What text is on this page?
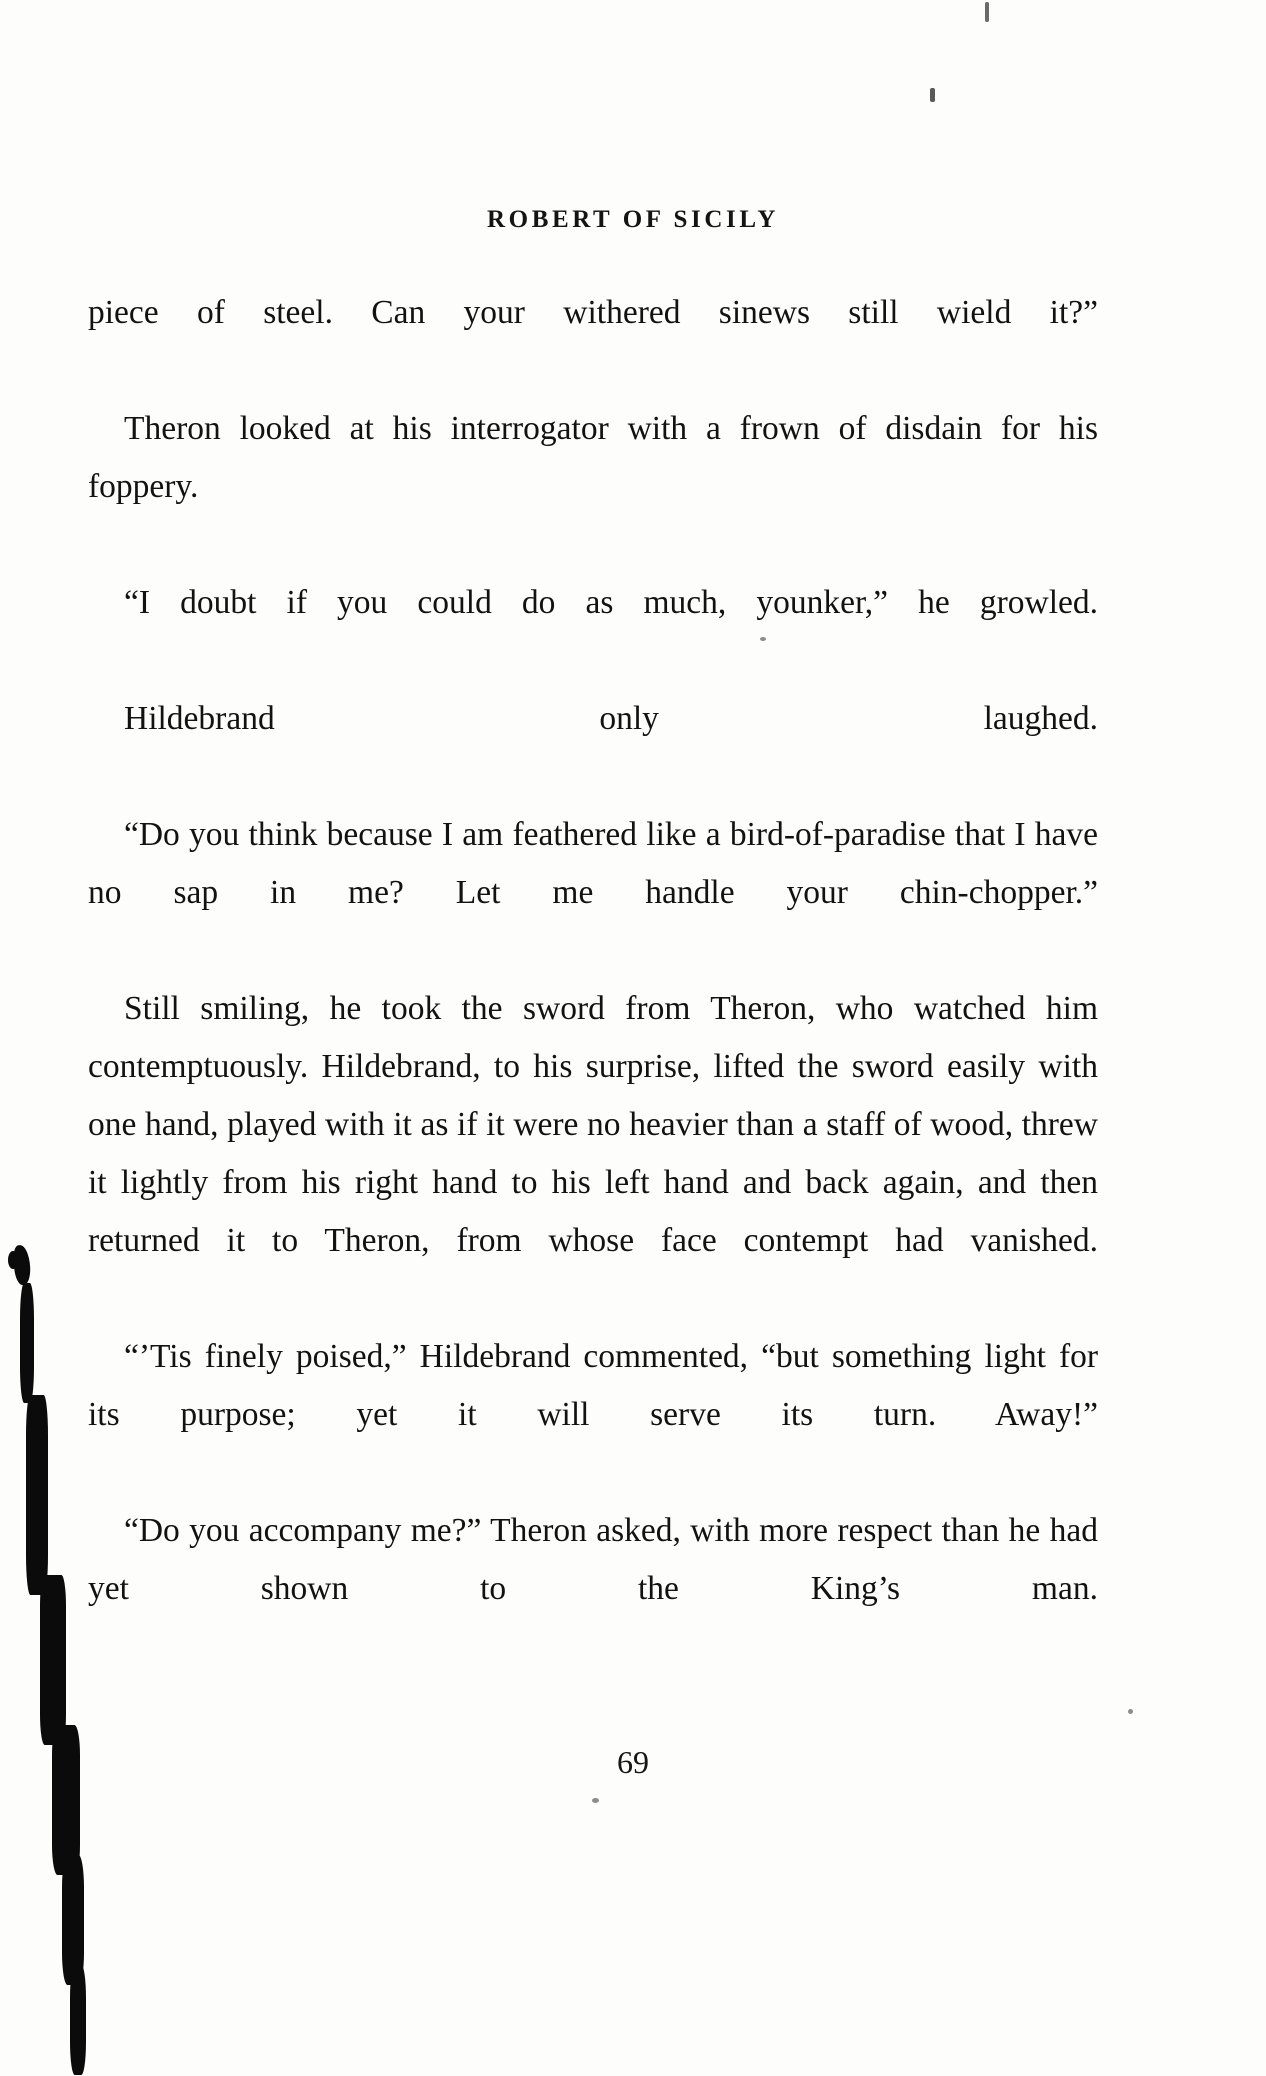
ROBERT OF SICILY

piece of steel. Can your withered sinews still wield it?”

Theron looked at his interrogator with a frown of disdain for his foppery.

“I doubt if you could do as much, younker,” he growled.

Hildebrand only laughed.

“Do you think because I am feathered like a bird-of-paradise that I have no sap in me? Let me handle your chin-chopper.”

Still smiling, he took the sword from Theron, who watched him contemptuously. Hildebrand, to his surprise, lifted the sword easily with one hand, played with it as if it were no heavier than a staff of wood, threw it lightly from his right hand to his left hand and back again, and then returned it to Theron, from whose face contempt had vanished.

“’Tis finely poised,” Hildebrand commented, “but something light for its purpose; yet it will serve its turn. Away!”

“Do you accompany me?” Theron asked, with more respect than he had yet shown to the King’s man.

69
